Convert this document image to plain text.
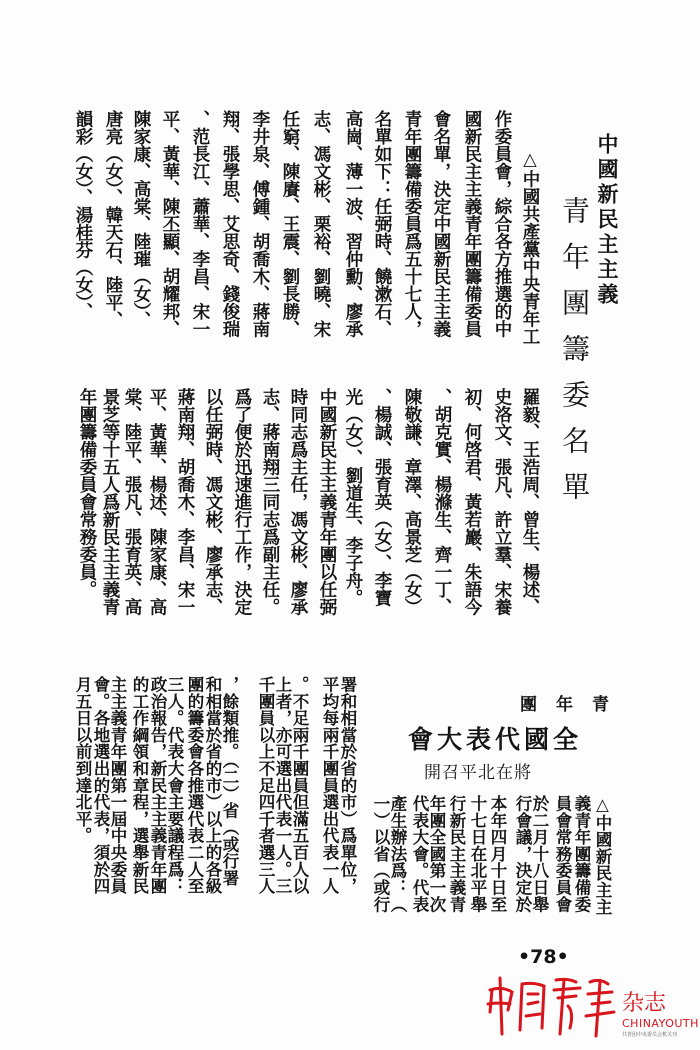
中國新民主主義
青年團籌委名單
△中國共產黨中央青年工
作委員會，綜合各方推選的中
國新民主主義青年團籌備委員
會名單，決定中國新民主主義
青年團籌備委員爲五十七人，
名單如下：任弼時、饒漱石、
高崗、薄一波、習仲勳、廖承
志、馮文彬、栗裕、劉曉、宋
任窮、陳賡、王震、劉長勝、
李井泉、傅鍾、胡喬木、蔣南
翔、張學思、艾思奇、錢俊瑞
、范長江、蕭華、李昌、宋一
平、黃華、陳丕顯、胡耀邦、
陳家康、高棠、陸璀（女）、
唐亮（女）、韓天石、陸平、
韻彩（女）、湯桂芬（女）、
羅毅、王浩周、曾生、楊述、
史洛文、張凡、許立羣、宋養
初、何啓君、黃若巖、朱語今
、胡克實、楊滌生、齊一丁、
陳敬謙、章澤、高景芝（女）
、楊誠、張育英（女）、李寶
光（女）、劉道生、李子舟。
中國新民主主義青年團以任弼
時同志爲主任，馮文彬、廖承
志、蔣南翔三同志爲副主任。
爲了便於迅速進行工作，決定
以任弼時、馮文彬、廖承志、
蔣南翔、胡喬木、李昌、宋一
平、黃華、楊述、陳家康、高
棠、陸平、張凡、張育英、高
景芝等十五人爲新民主主義青
年團籌備委員會常務委員。
青年團
全國代表大會
將在北平召開
△中國新民主主
義青年團籌備委
員會常務委員會
於二月十八日舉
行會議，決定於
本年四月十日至
十七日在北平舉
行新民主主義青
年團全國第一次
代表大會。代表
產生辦法爲：（
一）以省（或行
署和相當於省的市）爲單位，
平均每兩千團員選出代表一人
。不足兩千團員但滿五百人以
上者，亦可選出代表一人。三
千團員以上不足四千者選三人
，餘類推。（二）省（或行署
和相當於省的市）以上的各級
團的籌委會各推選代表二人至
三人。代表大會主要議程爲：
政治報告，新民主主義青年團
的工作綱領和章程，選舉新民
主主義青年團第一屆中央委員
會。各地選出的代表，須於四
月五日以前到達北平。
•78•
杂志
CHINAYOUTH
共青团中央委员会机关刊
